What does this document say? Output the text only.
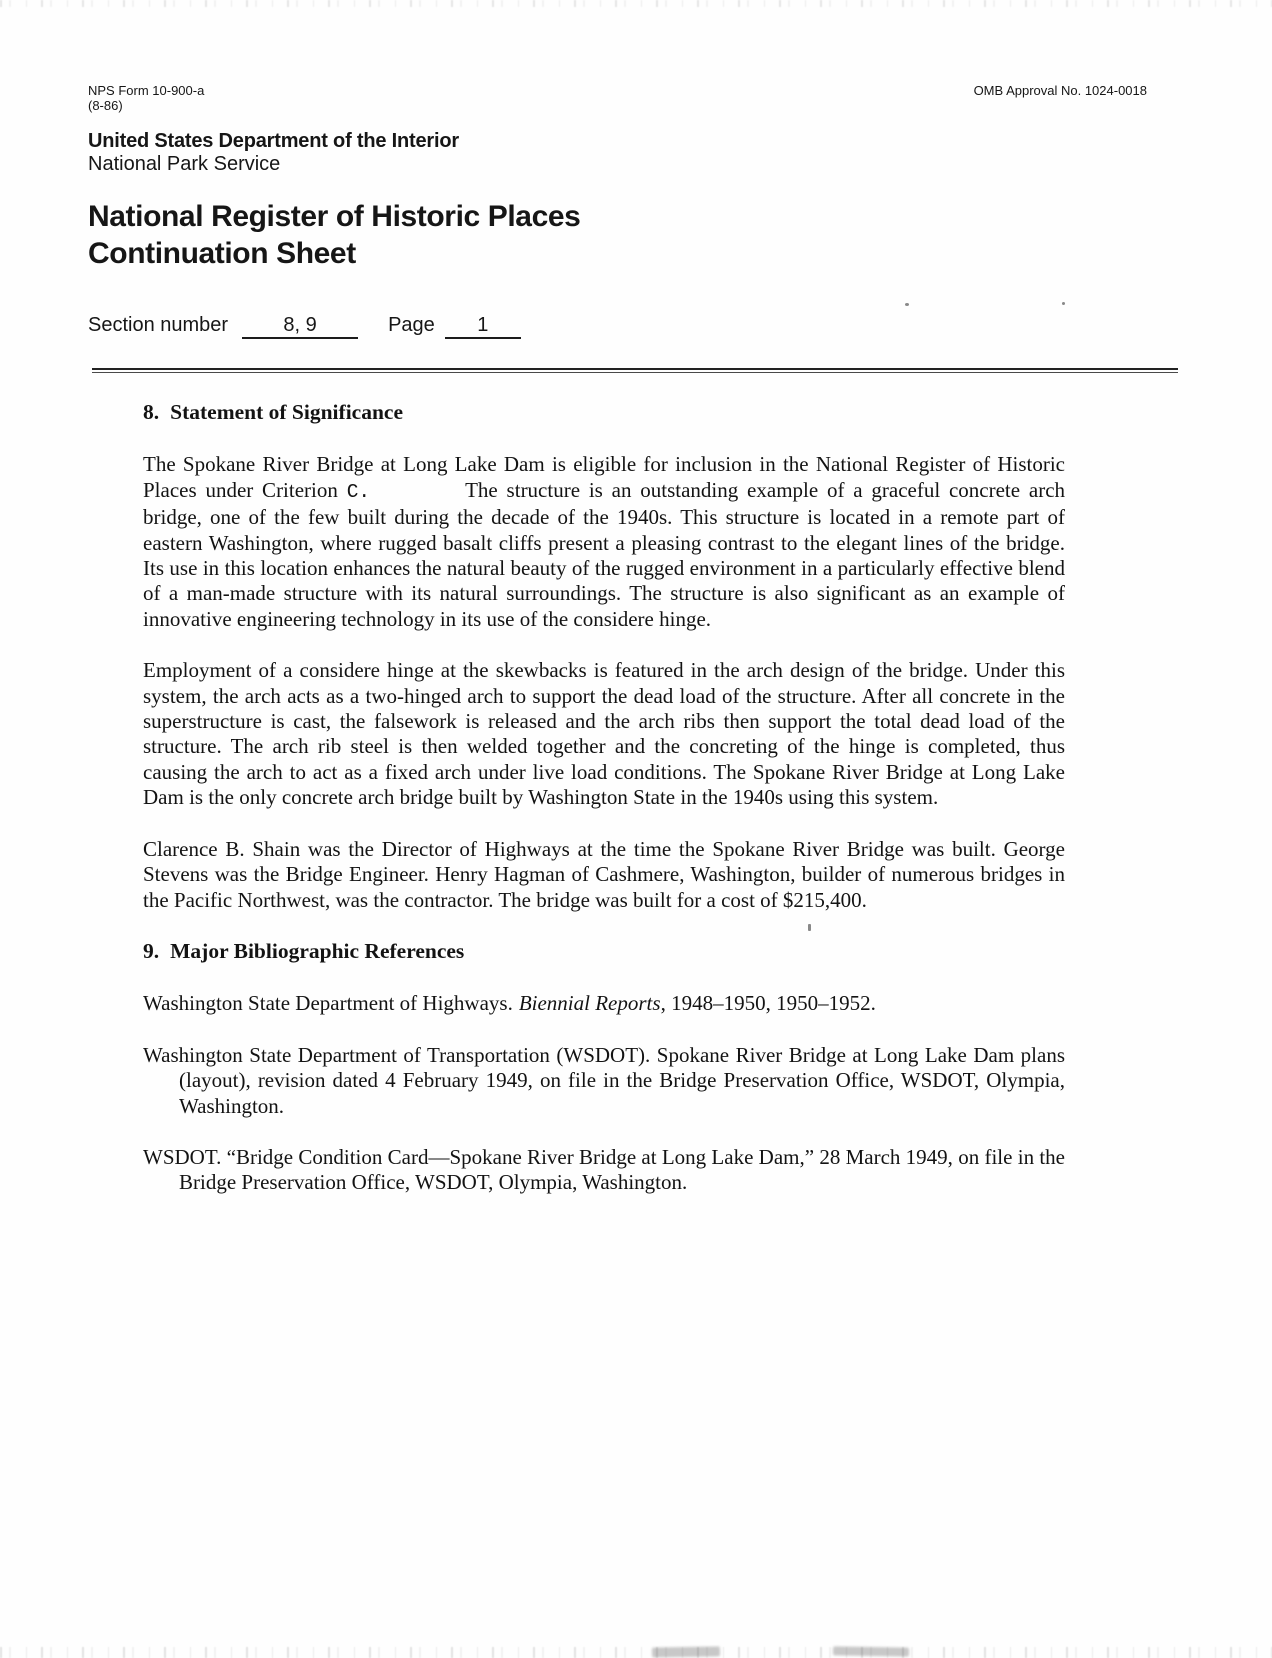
NPS Form 10-900-a
(8-86)
OMB Approval No. 1024-0018
United States Department of the Interior
National Park Service
National Register of Historic Places
Continuation Sheet
Section number	8, 9	Page 1
8. Statement of Significance

The Spokane River Bridge at Long Lake Dam is eligible for inclusion in the National Register of Historic Places under Criterion C.	The structure is an outstanding example of a graceful concrete arch bridge, one of the few built during the decade of the 1940s. This structure is located in a remote part of eastern Washington, where rugged basalt cliffs present a pleasing contrast to the elegant lines of the bridge. Its use in this location enhances the natural beauty of the rugged environment in a particularly effective blend of a man-made structure with its natural surroundings. The structure is also significant as an example of innovative engineering technology in its use of the considere hinge.

Employment of a considere hinge at the skewbacks is featured in the arch design of the bridge. Under this system, the arch acts as a two-hinged arch to support the dead load of the structure. After all concrete in the superstructure is cast, the falsework is released and the arch ribs then support the total dead load of the structure. The arch rib steel is then welded together and the concreting of the hinge is completed, thus causing the arch to act as a fixed arch under live load conditions. The Spokane River Bridge at Long Lake Dam is the only concrete arch bridge built by Washington State in the 1940s using this system.

Clarence B. Shain was the Director of Highways at the time the Spokane River Bridge was built. George Stevens was the Bridge Engineer. Henry Hagman of Cashmere, Washington, builder of numerous bridges in the Pacific Northwest, was the contractor. The bridge was built for a cost of $215,400.

9. Major Bibliographic References

Washington State Department of Highways. Biennial Reports, 1948–1950, 1950–1952.

Washington State Department of Transportation (WSDOT). Spokane River Bridge at Long Lake Dam plans (layout), revision dated 4 February 1949, on file in the Bridge Preservation Office, WSDOT, Olympia, Washington.

WSDOT. “Bridge Condition Card—Spokane River Bridge at Long Lake Dam,” 28 March 1949, on file in the Bridge Preservation Office, WSDOT, Olympia, Washington.
